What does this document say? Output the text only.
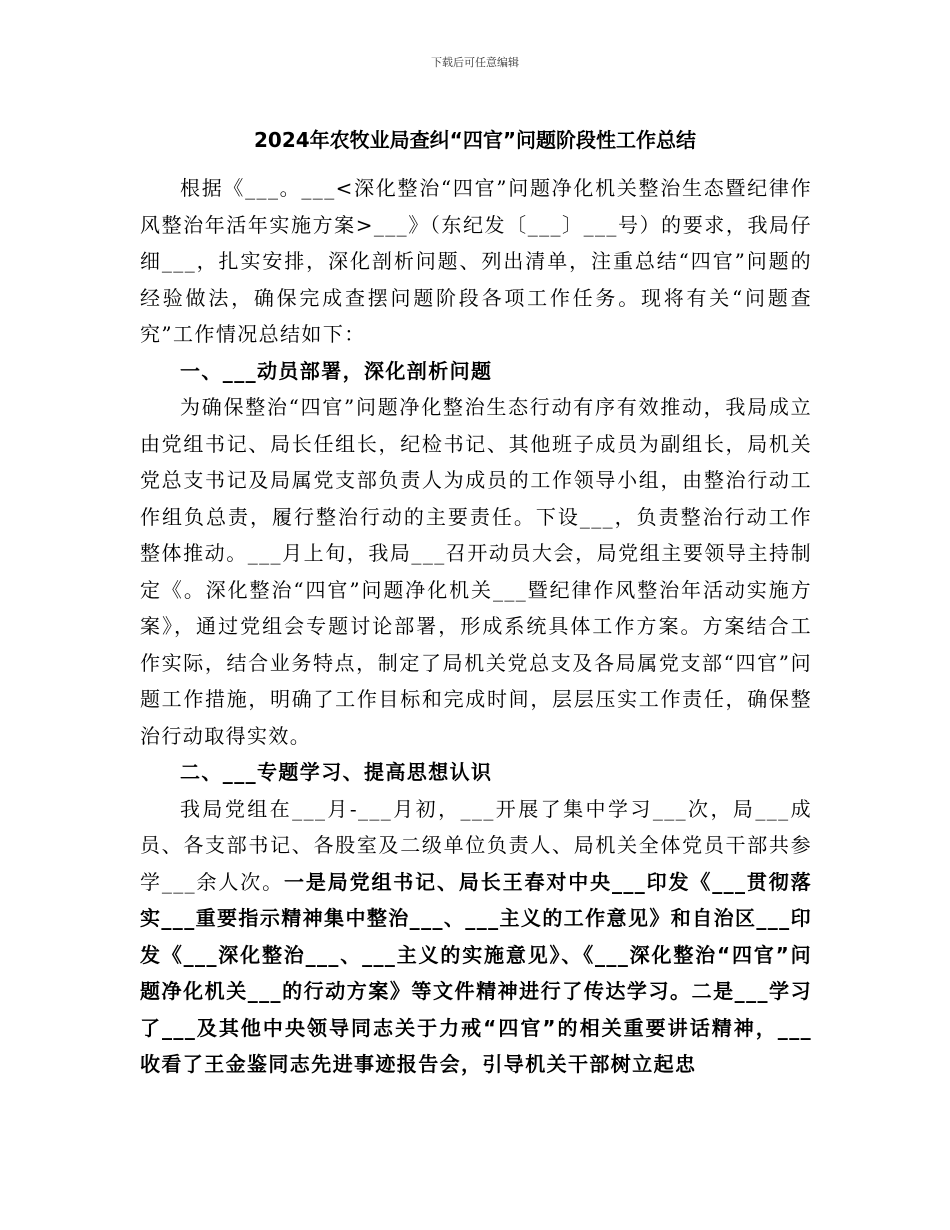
下载后可任意编辑
2024年农牧业局查纠“四官”问题阶段性工作总结

根据《___。___<深化整治“四官”问题净化机关整治生态暨纪律作风整治年活年实施方案>___》（东纪发〔___〕___号）的要求，我局仔细___，扎实安排，深化剖析问题、列出清单，注重总结“四官”问题的经验做法，确保完成查摆问题阶段各项工作任务。现将有关“问题查究”工作情况总结如下：

一、___动员部署，深化剖析问题

为确保整治“四官”问题净化整治生态行动有序有效推动，我局成立由党组书记、局长任组长，纪检书记、其他班子成员为副组长，局机关党总支书记及局属党支部负责人为成员的工作领导小组，由整治行动工作组负总责，履行整治行动的主要责任。下设___，负责整治行动工作整体推动。___月上旬，我局___召开动员大会，局党组主要领导主持制定《。深化整治“四官”问题净化机关___暨纪律作风整治年活动实施方案》，通过党组会专题讨论部署，形成系统具体工作方案。方案结合工作实际，结合业务特点，制定了局机关党总支及各局属党支部“四官”问题工作措施，明确了工作目标和完成时间，层层压实工作责任，确保整治行动取得实效。

二、___专题学习、提高思想认识

我局党组在___月-___月初，___开展了集中学习___次，局___成员、各支部书记、各股室及二级单位负责人、局机关全体党员干部共参学___余人次。一是局党组书记、局长王春对中央___印发《___贯彻落实___重要指示精神集中整治___、___主义的工作意见》和自治区___印发《___深化整治___、___主义的实施意见》、《___深化整治“四官”问题净化机关___的行动方案》等文件精神进行了传达学习。二是___学习了___及其他中央领导同志关于力戒“四官”的相关重要讲话精神，___收看了王金鉴同志先进事迹报告会，引导机关干部树立起忠
